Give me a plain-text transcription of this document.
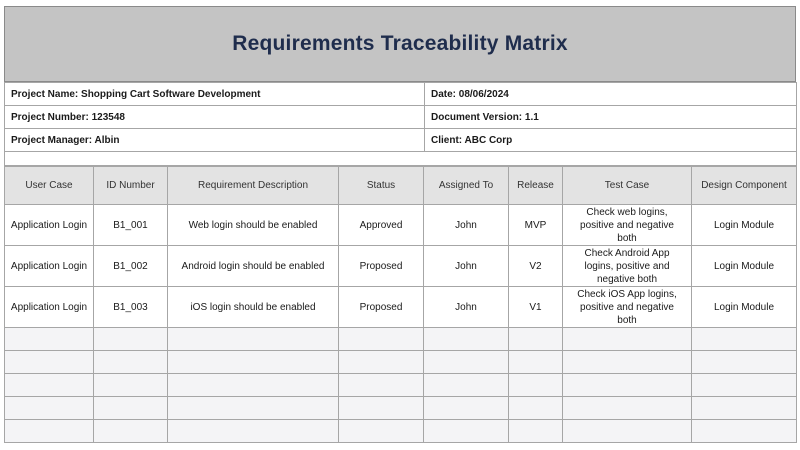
Requirements Traceability Matrix
Project Name: Shopping Cart Software Development	Date: 08/06/2024
Project Number: 123548	Document Version: 1.1
Project Manager: Albin	Client: ABC Corp

User Case	ID Number	Requirement Description	Status	Assigned To	Release	Test Case	Design Component
Application Login	B1_001	Web login should be enabled	Approved	John	MVP	Check web logins, positive and negative both	Login Module
Application Login	B1_002	Android login should be enabled	Proposed	John	V2	Check Android App logins, positive and negative both	Login Module
Application Login	B1_003	iOS login should be enabled	Proposed	John	V1	Check iOS App logins, positive and negative both	Login Module
